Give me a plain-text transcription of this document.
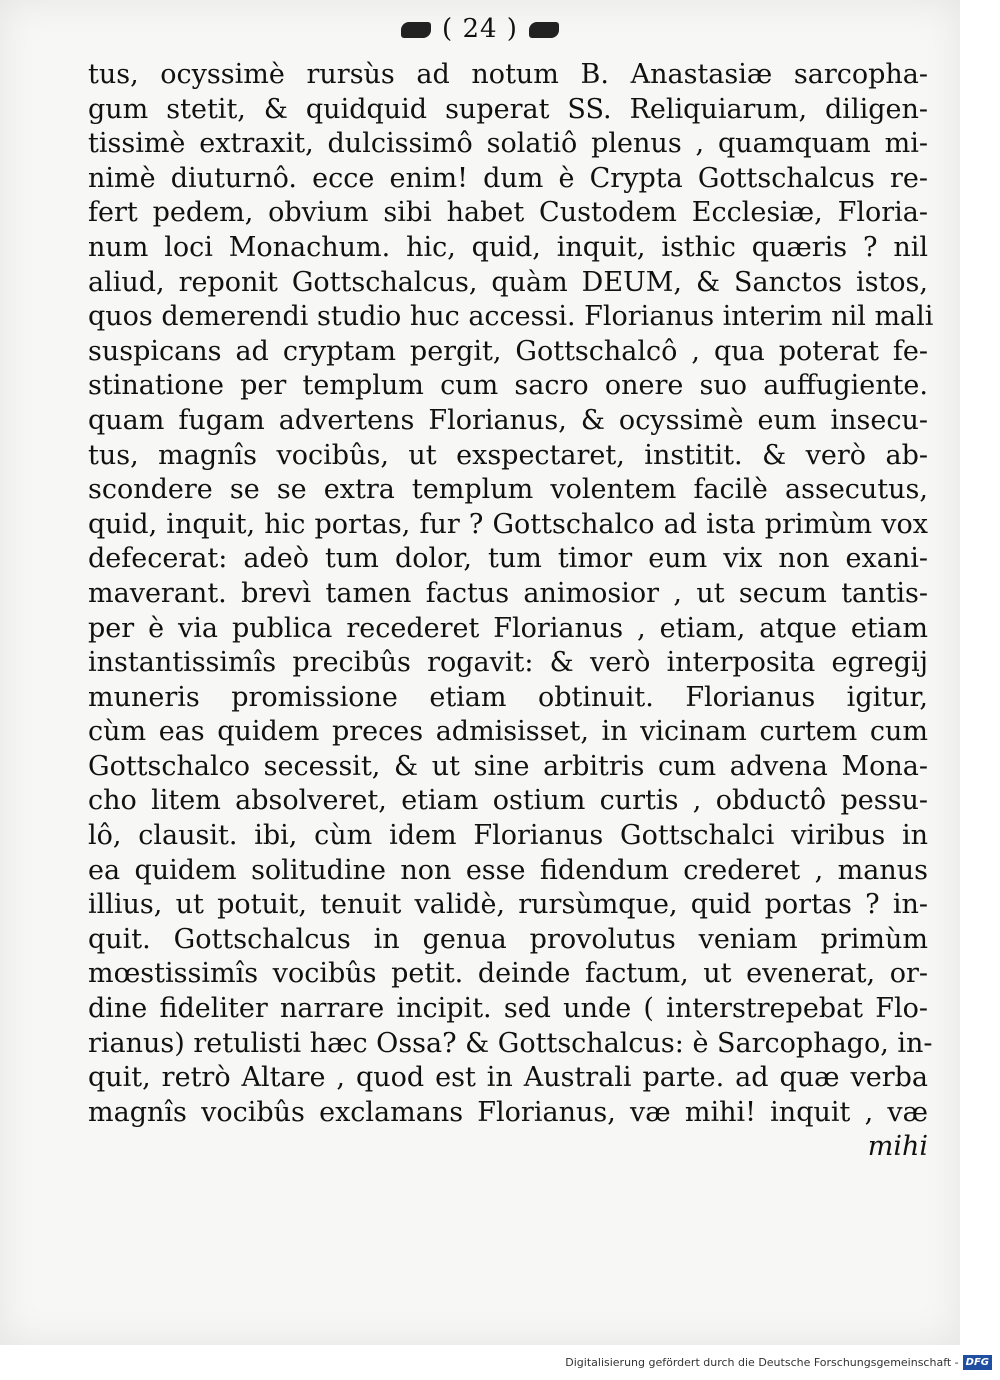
( 24 )
tus, ocyssimè rursùs ad notum B. Anastasiæ sarcopha-
gum stetit, & quidquid superat SS. Reliquiarum, diligen-
tissimè extraxit, dulcissimô solatiô plenus , quamquam mi-
nimè diuturnô. ecce enim! dum è Crypta Gottschalcus re-
fert pedem, obvium sibi habet Custodem Ecclesiæ, Floria-
num loci Monachum. hic, quid, inquit, isthic quæris ? nil
aliud, reponit Gottschalcus, quàm DEUM, & Sanctos istos,
quos demerendi studio huc accessi. Florianus interim nil mali
suspicans ad cryptam pergit, Gottschalcô , qua poterat fe-
stinatione per templum cum sacro onere suo auffugiente.
quam fugam advertens Florianus, & ocyssimè eum insecu-
tus, magnîs vocibûs, ut exspectaret, institit. & verò ab-
scondere se se extra templum volentem facilè assecutus,
quid, inquit, hic portas, fur ? Gottschalco ad ista primùm vox
defecerat: adeò tum dolor, tum timor eum vix non exani-
maverant. brevì tamen factus animosior , ut secum tantis-
per è via publica recederet Florianus , etiam, atque etiam
instantissimîs precibûs rogavit: & verò interposita egregij
muneris promissione etiam obtinuit. Florianus igitur,
cùm eas quidem preces admisisset, in vicinam curtem cum
Gottschalco secessit, & ut sine arbitris cum advena Mona-
cho litem absolveret, etiam ostium curtis , obductô pessu-
lô, clausit. ibi, cùm idem Florianus Gottschalci viribus in
ea quidem solitudine non esse fidendum crederet , manus
illius, ut potuit, tenuit validè, rursùmque, quid portas ? in-
quit. Gottschalcus in genua provolutus veniam primùm
mœstissimîs vocibûs petit. deinde factum, ut evenerat, or-
dine fideliter narrare incipit. sed unde ( interstrepebat Flo-
rianus) retulisti hæc Ossa? & Gottschalcus: è Sarcophago, in-
quit, retrò Altare , quod est in Australi parte. ad quæ verba
magnîs vocibûs exclamans Florianus, væ mihi! inquit , væ
mihi
Digitalisierung gefördert durch die Deutsche Forschungsgemeinschaft - DFG
